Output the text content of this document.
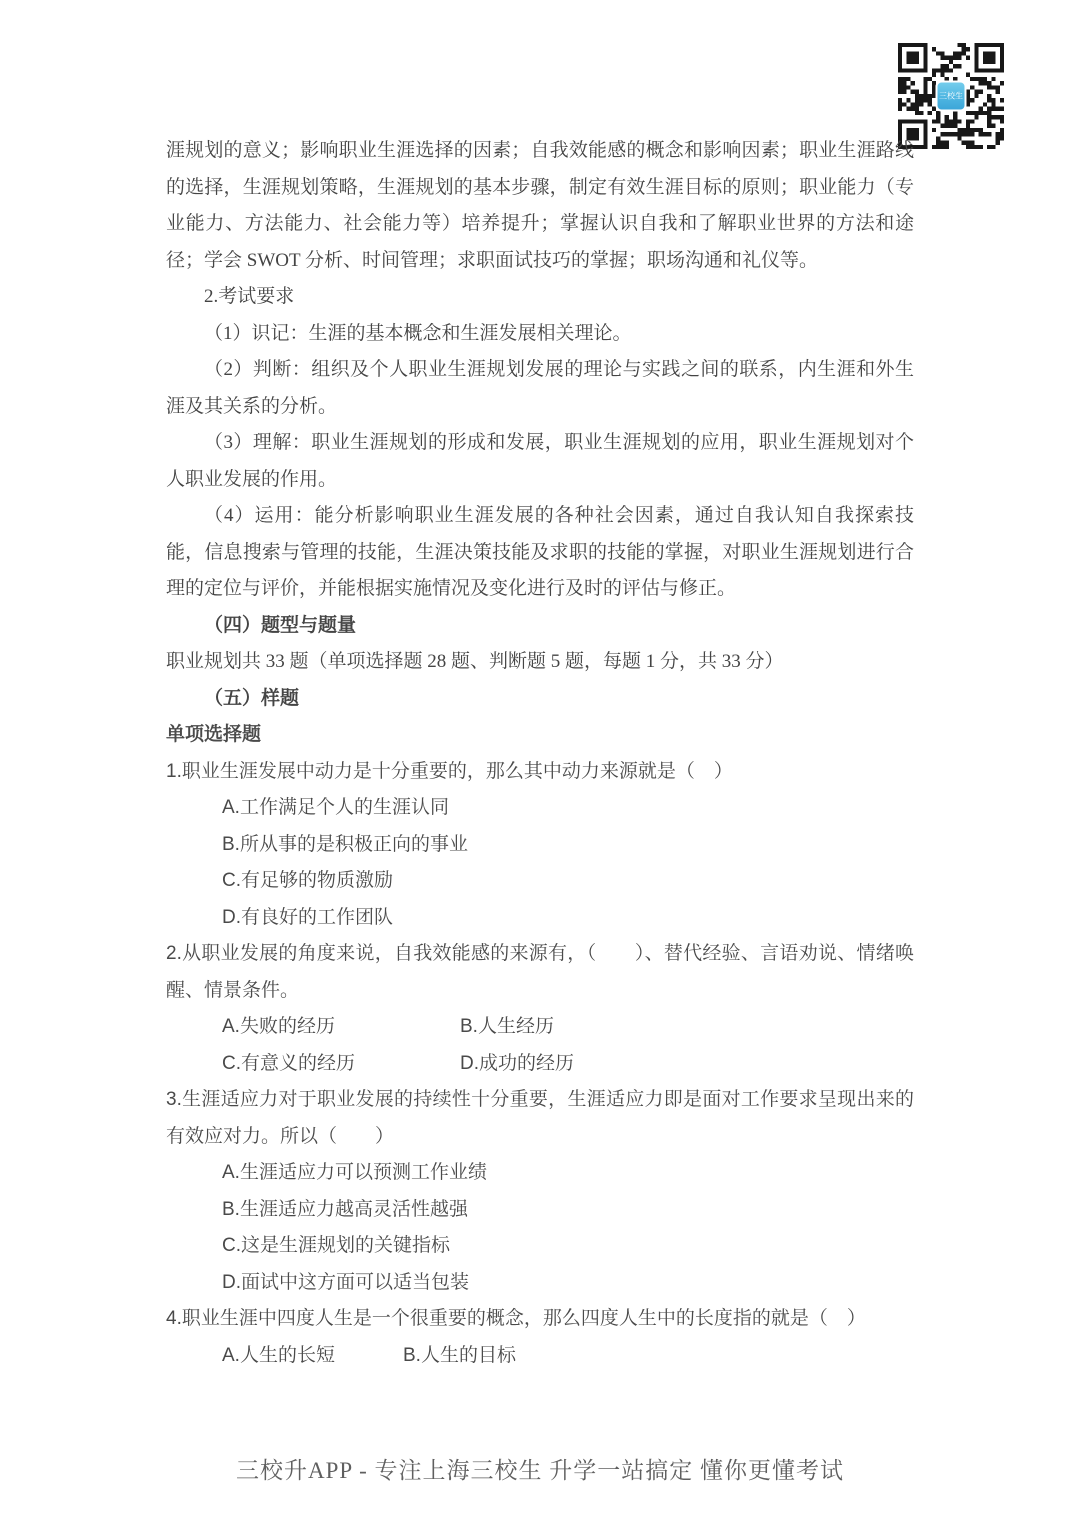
三校生

涯规划的意义；影响职业生涯选择的因素；自我效能感的概念和影响因素；职业生涯路线的选择，生涯规划策略，生涯规划的基本步骤，制定有效生涯目标的原则；职业能力（专业能力、方法能力、社会能力等）培养提升；掌握认识自我和了解职业世界的方法和途径；学会 SWOT 分析、时间管理；求职面试技巧的掌握；职场沟通和礼仪等。

2.考试要求

（1）识记：生涯的基本概念和生涯发展相关理论。

（2）判断：组织及个人职业生涯规划发展的理论与实践之间的联系，内生涯和外生涯及其关系的分析。

（3）理解：职业生涯规划的形成和发展，职业生涯规划的应用，职业生涯规划对个人职业发展的作用。

（4）运用：能分析影响职业生涯发展的各种社会因素，通过自我认知自我探索技能，信息搜索与管理的技能，生涯决策技能及求职的技能的掌握，对职业生涯规划进行合理的定位与评价，并能根据实施情况及变化进行及时的评估与修正。

（四）题型与题量

职业规划共 33 题（单项选择题 28 题、判断题 5 题，每题 1 分，共 33 分）

（五）样题

单项选择题

1.职业生涯发展中动力是十分重要的，那么其中动力来源就是（　）

A.工作满足个人的生涯认同

B.所从事的是积极正向的事业

C.有足够的物质激励

D.有良好的工作团队

2.从职业发展的角度来说，自我效能感的来源有，（　　）、替代经验、言语劝说、情绪唤醒、情景条件。

A.失败的经历	B.人生经历

C.有意义的经历	D.成功的经历

3.生涯适应力对于职业发展的持续性十分重要，生涯适应力即是面对工作要求呈现出来的有效应对力。所以（　　）

A.生涯适应力可以预测工作业绩

B.生涯适应力越高灵活性越强

C.这是生涯规划的关键指标

D.面试中这方面可以适当包装

4.职业生涯中四度人生是一个很重要的概念，那么四度人生中的长度指的就是（　）

A.人生的长短	B.人生的目标

三校升APP - 专注上海三校生 升学一站搞定 懂你更懂考试
